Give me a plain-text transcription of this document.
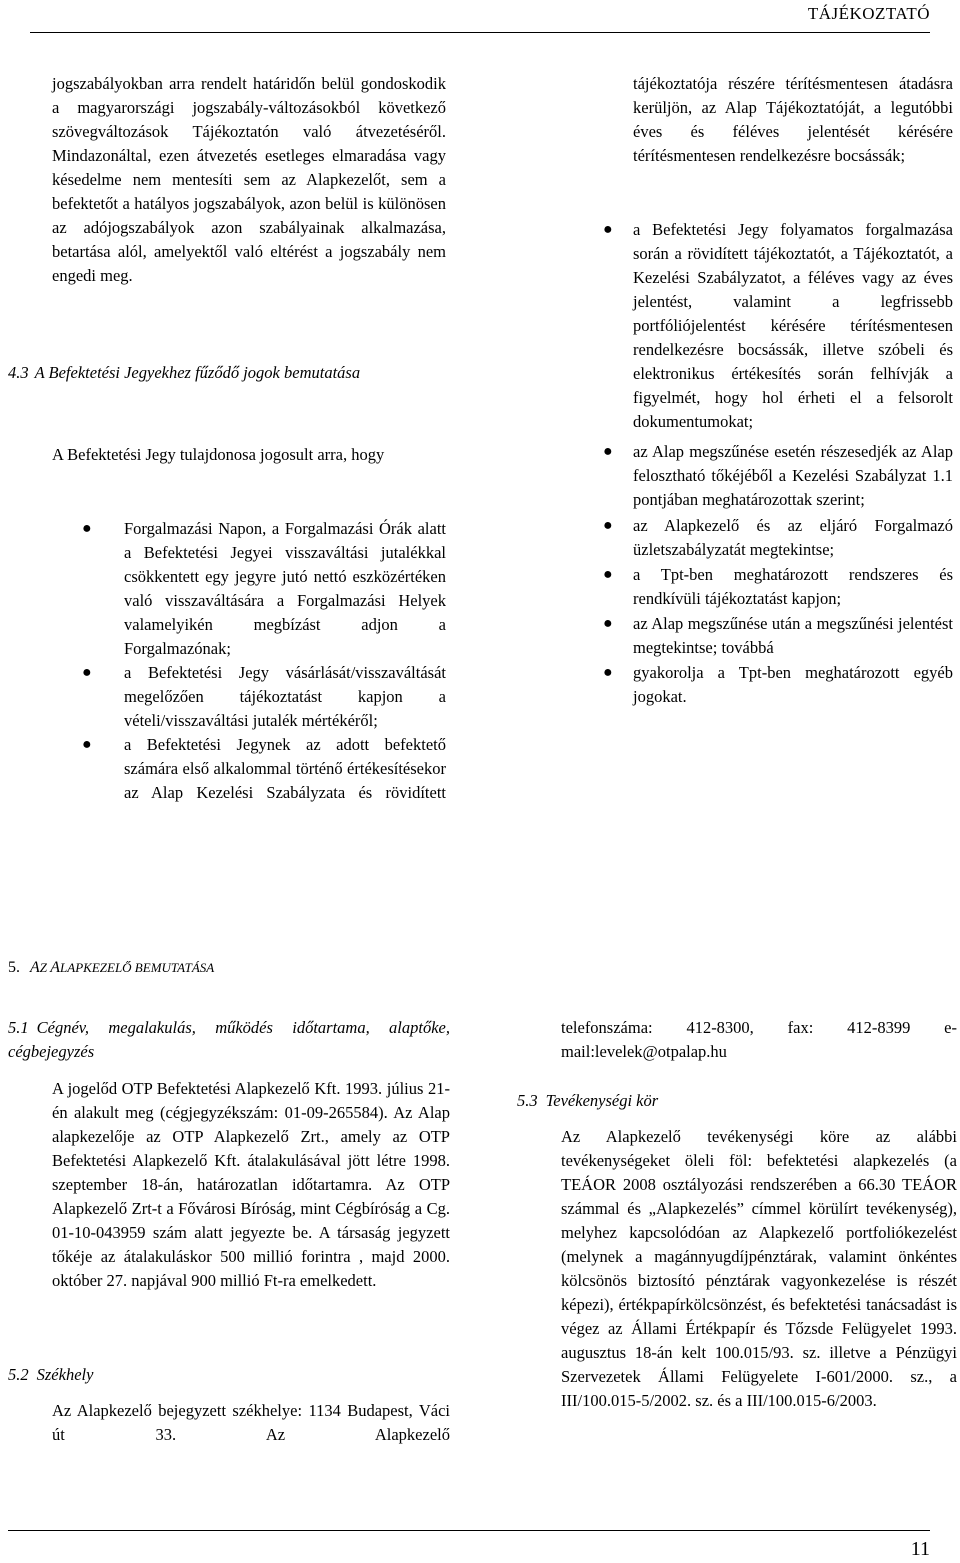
TÁJÉKOZTATÓ

jogszabályokban arra rendelt határidőn belül gondoskodik a magyarországi jogszabály-változásokból következő szövegváltozások Tájékoztatón való átvezetéséről. Mindazonáltal, ezen átvezetés esetleges elmaradása vagy késedelme nem mentesíti sem az Alapkezelőt, sem a befektetőt a hatályos jogszabályok, azon belül is különösen az adójogszabályok azon szabályainak alkalmazása, betartása alól, amelyektől való eltérést a jogszabály nem engedi meg.

4.3 A Befektetési Jegyekhez fűződő jogok bemutatása

A Befektetési Jegy tulajdonosa jogosult arra, hogy

● Forgalmazási Napon, a Forgalmazási Órák alatt a Befektetési Jegyei visszaváltási jutalékkal csökkentett egy jegyre jutó nettó eszközértéken való visszaváltására a Forgalmazási Helyek valamelyikén megbízást adjon a Forgalmazónak;
● a Befektetési Jegy vásárlását/visszaváltását megelőzően tájékoztatást kapjon a vételi/visszaváltási jutalék mértékéről;
● a Befektetési Jegynek az adott befektető számára első alkalommal történő értékesítésekor az Alap Kezelési Szabályzata és rövidített

tájékoztatója részére térítésmentesen átadásra kerüljön, az Alap Tájékoztatóját, a legutóbbi éves és féléves jelentését kérésére térítésmentesen rendelkezésre bocsássák;

● a Befektetési Jegy folyamatos forgalmazása során a rövidített tájékoztatót, a Tájékoztatót, a Kezelési Szabályzatot, a féléves vagy az éves jelentést, valamint a legfrissebb portfóliójelentést kérésére térítésmentesen rendelkezésre bocsássák, illetve szóbeli és elektronikus értékesítés során felhívják a figyelmét, hogy hol érheti el a felsorolt dokumentumokat;
● az Alap megszűnése esetén részesedjék az Alap felosztható tőkéjéből a Kezelési Szabályzat 1.1 pontjában meghatározottak szerint;
● az Alapkezelő és az eljáró Forgalmazó üzletszabályzatát megtekintse;
● a Tpt-ben meghatározott rendszeres és rendkívüli tájékoztatást kapjon;
● az Alap megszűnése után a megszűnési jelentést megtekintse; továbbá
● gyakorolja a Tpt-ben meghatározott egyéb jogokat.
5. AZ ALAPKEZELŐ BEMUTATÁSA

5.1 Cégnév, megalakulás, működés időtartama, alaptőke, cégbejegyzés

A jogelőd OTP Befektetési Alapkezelő Kft. 1993. július 21-én alakult meg (cégjegyzékszám: 01-09-265584). Az Alap alapkezelője az OTP Alapkezelő Zrt., amely az OTP Befektetési Alapkezelő Kft. átalakulásával jött létre 1998. szeptember 18-án, határozatlan időtartamra. Az OTP Alapkezelő Zrt-t a Fővárosi Bíróság, mint Cégbíróság a Cg. 01-10-043959 szám alatt jegyezte be. A társaság jegyzett tőkéje az átalakuláskor 500 millió forintra , majd 2000. október 27. napjával 900 millió Ft-ra emelkedett.

5.2 Székhely

Az Alapkezelő bejegyzett székhelye: 1134 Budapest, Váci út 33. Az Alapkezelő

telefonszáma: 412-8300, fax: 412-8399 e-mail:levelek@otpalap.hu

5.3 Tevékenységi kör

Az Alapkezelő tevékenységi köre az alábbi tevékenységeket öleli föl: befektetési alapkezelés (a TEÁOR 2008 osztályozási rendszerében a 66.30 TEÁOR számmal és „Alapkezelés” címmel körülírt tevékenység), melyhez kapcsolódóan az Alapkezelő portfoliókezelést (melynek a magánnyugdíjpénztárak, valamint önkéntes kölcsönös biztosító pénztárak vagyonkezelése is részét képezi), értékpapírkölcsönzést, és befektetési tanácsadást is végez az Állami Értékpapír és Tőzsde Felügyelet 1993. augusztus 18-án kelt 100.015/93. sz. illetve a Pénzügyi Szervezetek Állami Felügyelete I-601/2000. sz., a III/100.015-5/2002. sz. és a III/100.015-6/2003.

11
